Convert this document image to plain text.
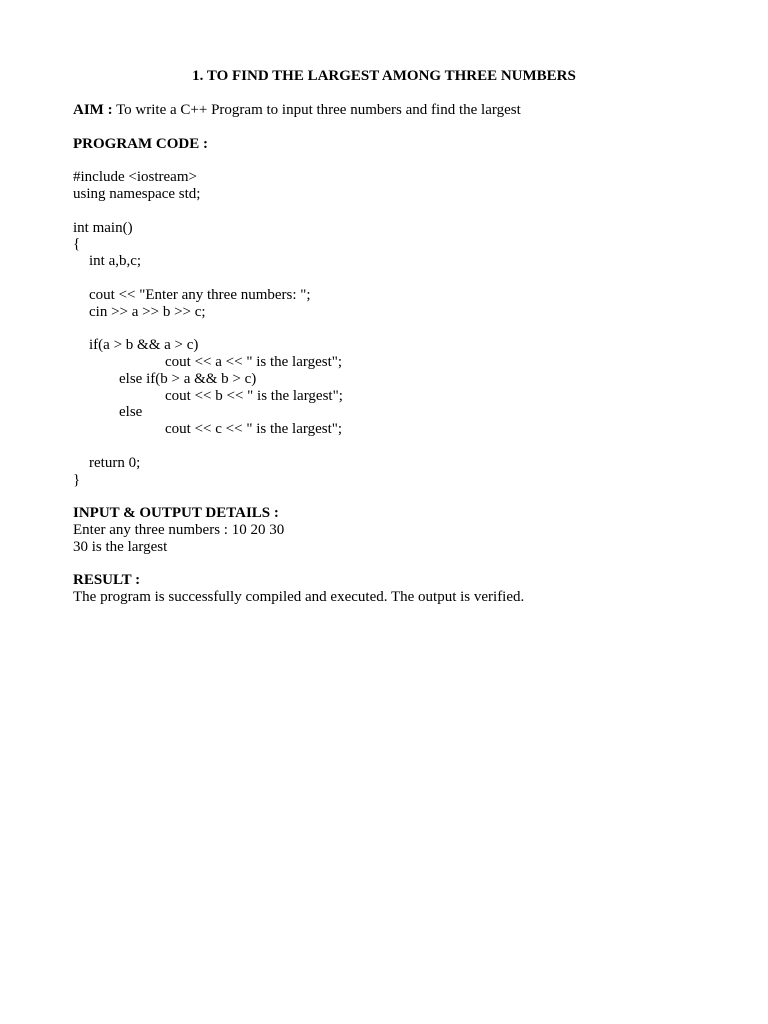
1. TO FIND THE LARGEST AMONG THREE NUMBERS
AIM : To write a C++ Program to input three numbers and find the largest
PROGRAM CODE :
#include <iostream>
using namespace std;
int main()
{
int a,b,c;
cout << "Enter any three numbers: ";
cin >> a >> b >> c;
if(a > b && a > c)
cout << a << " is the largest";
else if(b > a && b > c)
cout << b << " is the largest";
else
cout << c << " is the largest";
return 0;
}
INPUT & OUTPUT DETAILS :
Enter any three numbers : 10 20 30
30 is the largest
RESULT :
The program is successfully compiled and executed. The output is verified.
